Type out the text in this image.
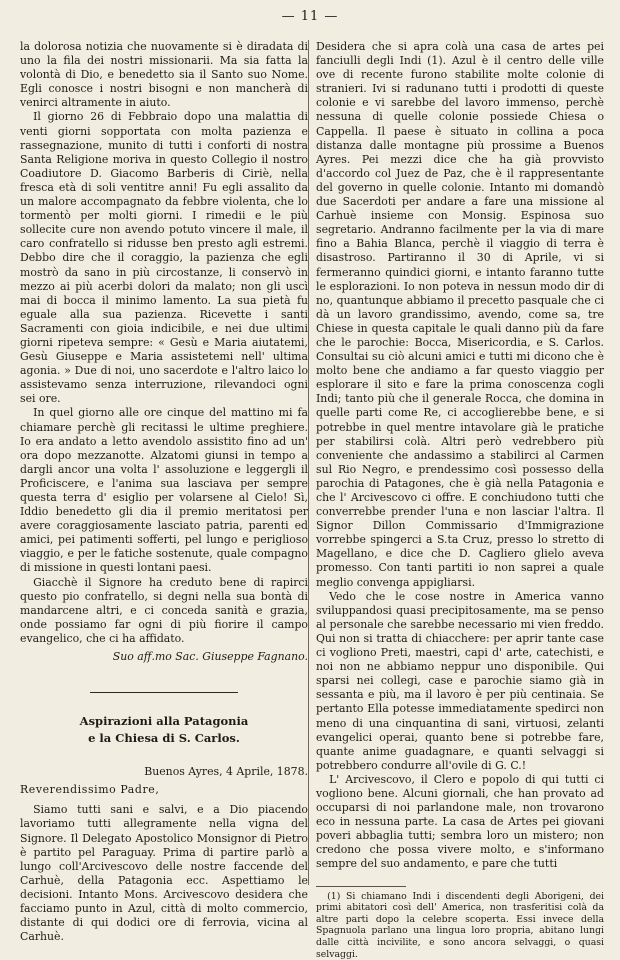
— 11 —

la dolorosa notizia che nuovamente si è diradata di uno la fila dei nostri missionarii. Ma sia fatta la volontà di Dio, e benedetto sia il Santo suo Nome. Egli conosce i nostri bisogni e non mancherà di venirci altramente in aiuto.

Il giorno 26 di Febbraio dopo una malattia di venti giorni sopportata con molta pazienza e rassegnazione, munito di tutti i conforti di nostra Santa Religione moriva in questo Collegio il nostro Coadiutore D. Giacomo Barberis di Ciriè, nella fresca età di soli ventitre anni! Fu egli assalito da un malore accompagnato da febbre violenta, che lo tormentò per molti giorni. I rimedii e le più sollecite cure non avendo potuto vincere il male, il caro confratello si ridusse ben presto agli estremi. Debbo dire che il coraggio, la pazienza che egli mostrò da sano in più circostanze, li conservò in mezzo ai più acerbi dolori da malato; non gli uscì mai di bocca il minimo lamento. La sua pietà fu eguale alla sua pazienza. Ricevette i santi Sacramenti con gioia indicibile, e nei due ultimi giorni ripeteva sempre: « Gesù e Maria aiutatemi, Gesù Giuseppe e Maria assistetemi nell' ultima agonia. » Due di noi, uno sacerdote e l'altro laico lo assistevamo senza interruzione, rilevandoci ogni sei ore.

In quel giorno alle ore cinque del mattino mi fa chiamare perchè gli recitassi le ultime preghiere. Io era andato a letto avendolo assistito fino ad un' ora dopo mezzanotte. Alzatomi giunsi in tempo a dargli ancor una volta l' assoluzione e leggergli il Proficiscere, e l'anima sua lasciava per sempre questa terra d' esiglio per volarsene al Cielo! Sì, Iddio benedetto gli dia il premio meritatosi per avere coraggiosamente lasciato patria, parenti ed amici, pei patimenti sofferti, pel lungo e periglioso viaggio, e per le fatiche sostenute, quale compagno di missione in questi lontani paesi.

Giacchè il Signore ha creduto bene di rapirci questo pio confratello, si degni nella sua bontà di mandarcene altri, e ci conceda sanità e grazia, onde possiamo far ogni di più fiorire il campo evangelico, che ci ha affidato.

Suo aff.mo Sac. Giuseppe Fagnano.
Aspirazioni alla Patagonia
e la Chiesa di S. Carlos.
Buenos Ayres, 4 Aprile, 1878.
Reverendissimo Padre,

Siamo tutti sani e salvi, e a Dio piacendo lavoriamo tutti allegramente nella vigna del Signore. Il Delegato Apostolico Monsignor di Pietro è partito pel Paraguay. Prima di partire parlò a lungo coll'Arcivescovo delle nostre faccende del Carhuè, della Patagonia ecc. Aspettiamo le decisioni. Intanto Mons. Arcivescovo desidera che facciamo punto in Azul, città di molto commercio, distante di qui dodici ore di ferrovia, vicina al Carhuè.

Desidera che si apra colà una casa de artes pei fanciulli degli Indi (1). Azul è il centro delle ville ove di recente furono stabilite molte colonie di stranieri. Ivi si radunano tutti i prodotti di queste colonie e vi sarebbe del lavoro immenso, perchè nessuna di quelle colonie possiede Chiesa o Cappella. Il paese è situato in collina a poca distanza dalle montagne più prossime a Buenos Ayres. Pei mezzi dice che ha già provvisto d'accordo col Juez de Paz, che è il rappresentante del governo in quelle colonie. Intanto mi domandò due Sacerdoti per andare a fare una missione al Carhuè insieme con Monsig. Espinosa suo segretario. Andranno facilmente per la via di mare fino a Bahia Blanca, perchè il viaggio di terra è disastroso. Partiranno il 30 di Aprile, vi si fermeranno quindici giorni, e intanto faranno tutte le esplorazioni. Io non poteva in nessun modo dir di no, quantunque abbiamo il precetto pasquale che ci dà un lavoro grandissimo, avendo, come sa, tre Chiese in questa capitale le quali danno più da fare che le parochie: Bocca, Misericordia, e S. Carlos. Consultai su ciò alcuni amici e tutti mi dicono che è molto bene che andiamo a far questo viaggio per esplorare il sito e fare la prima conoscenza cogli Indi; tanto più che il generale Rocca, che domina in quelle parti come Re, ci accoglierebbe bene, e si potrebbe in quel mentre intavolare già le pratiche per stabilirsi colà. Altri però vedrebbero più conveniente che andassimo a stabilirci al Carmen sul Rio Negro, e prendessimo così possesso della parochia di Patagones, che è già nella Patagonia e che l' Arcivescovo ci offre. E conchiudono tutti che converrebbe prender l'una e non lasciar l'altra. Il Signor Dillon Commissario d'Immigrazione vorrebbe spingerci a S.ta Cruz, presso lo stretto di Magellano, e dice che D. Cagliero glielo aveva promesso. Con tanti partiti io non saprei a quale meglio convenga appigliarsi.

Vedo che le cose nostre in America vanno sviluppandosi quasi precipitosamente, ma se penso al personale che sarebbe necessario mi vien freddo. Qui non si tratta di chiacchere: per aprir tante case ci vogliono Preti, maestri, capi d' arte, catechisti, e noi non ne abbiamo neppur uno disponibile. Qui sparsi nei collegi, case e parochie siamo già in sessanta e più, ma il lavoro è per più centinaia. Se pertanto Ella potesse immediatamente spedirci non meno di una cinquantina di sani, virtuosi, zelanti evangelici operai, quanto bene si potrebbe fare, quante anime guadagnare, e quanti selvaggi si potrebbero condurre all'ovile di G. C.!

L' Arcivescovo, il Clero e popolo di qui tutti ci vogliono bene. Alcuni giornali, che han provato ad occuparsi di noi parlandone male, non trovarono eco in nessuna parte. La casa de Artes pei giovani poveri abbaglia tutti; sembra loro un mistero; non credono che possa vivere molto, e s'informano sempre del suo andamento, e pare che tutti

(1) Si chiamano Indi i discendenti degli Aborigeni, dei primi abitatori così dell' America, non trasferitisi colà da altre parti dopo la celebre scoperta. Essi invece della Spagnuola parlano una lingua loro propria, abitano lungi dalle città incivilite, e sono ancora selvaggi, o quasi selvaggi.
